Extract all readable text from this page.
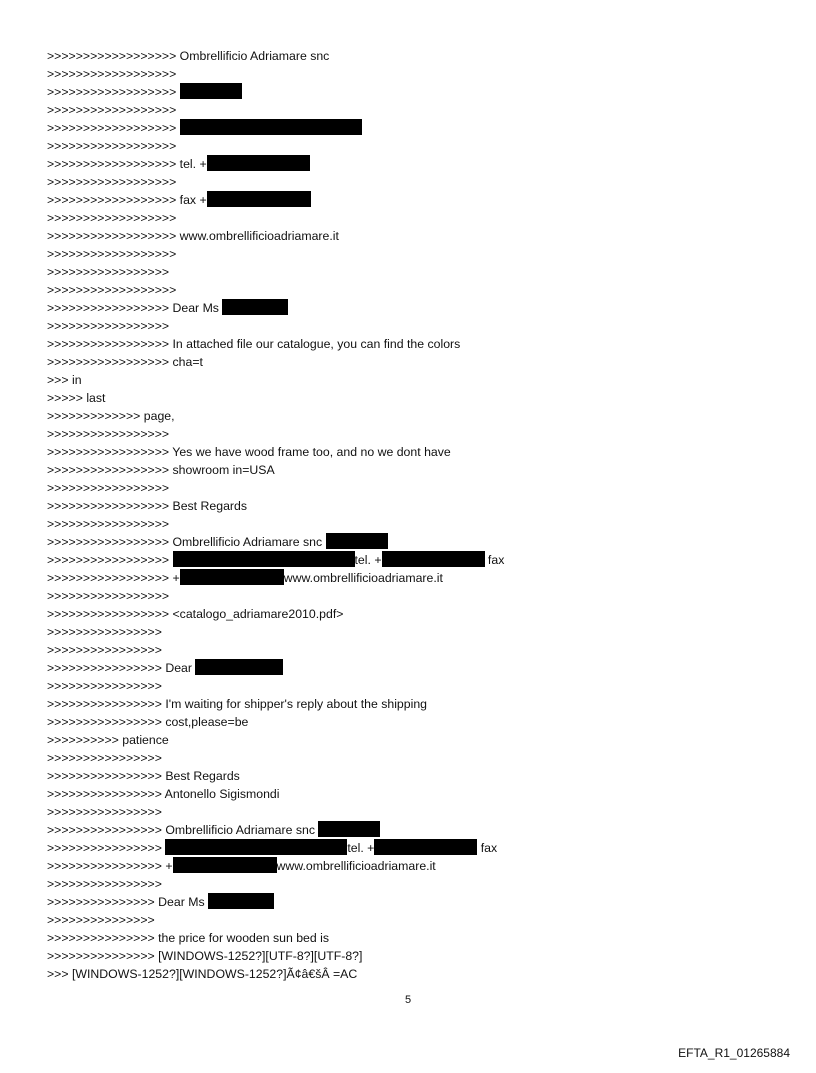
>>>>>>>>>>>>>>>>>> Ombrellificio Adriamare snc
>>>>>>>>>>>>>>>>>>
>>>>>>>>>>>>>>>>>>
>>>>>>>>>>>>>>>>>>
>>>>>>>>>>>>>>>>>>
>>>>>>>>>>>>>>>>>>
>>>>>>>>>>>>>>>>>> tel. +
>>>>>>>>>>>>>>>>>>
>>>>>>>>>>>>>>>>>> fax +
>>>>>>>>>>>>>>>>>>
>>>>>>>>>>>>>>>>>> www.ombrellificioadriamare.it
>>>>>>>>>>>>>>>>>>
>>>>>>>>>>>>>>>>>
>>>>>>>>>>>>>>>>>>
>>>>>>>>>>>>>>>>> Dear Ms
>>>>>>>>>>>>>>>>>
>>>>>>>>>>>>>>>>> In attached file our catalogue, you can find the colors
>>>>>>>>>>>>>>>>> cha=t
>>> in
>>>>> last
>>>>>>>>>>>>> page,
>>>>>>>>>>>>>>>>>
>>>>>>>>>>>>>>>>> Yes we have wood frame too, and no we dont have
>>>>>>>>>>>>>>>>> showroom in=USA
>>>>>>>>>>>>>>>>>
>>>>>>>>>>>>>>>>> Best Regards
>>>>>>>>>>>>>>>>>
>>>>>>>>>>>>>>>>> Ombrellificio Adriamare snc
>>>>>>>>>>>>>>>>>	tel. +	fax
>>>>>>>>>>>>>>>>> +	www.ombrellificioadriamare.it
>>>>>>>>>>>>>>>>>
>>>>>>>>>>>>>>>>> <catalogo_adriamare2010.pdf>
>>>>>>>>>>>>>>>>
>>>>>>>>>>>>>>>>
>>>>>>>>>>>>>>>> Dear
>>>>>>>>>>>>>>>>
>>>>>>>>>>>>>>>> I'm waiting for shipper's reply about the shipping
>>>>>>>>>>>>>>>> cost,please=be
>>>>>>>>>> patience
>>>>>>>>>>>>>>>>
>>>>>>>>>>>>>>>> Best Regards
>>>>>>>>>>>>>>>> Antonello Sigismondi
>>>>>>>>>>>>>>>>
>>>>>>>>>>>>>>>> Ombrellificio Adriamare snc
>>>>>>>>>>>>>>>>	tel. +	fax
>>>>>>>>>>>>>>>> +	www.ombrellificioadriamare.it
>>>>>>>>>>>>>>>>
>>>>>>>>>>>>>>> Dear Ms
>>>>>>>>>>>>>>>
>>>>>>>>>>>>>>> the price for wooden sun bed is
>>>>>>>>>>>>>>> [WINDOWS-1252?][UTF-8?][UTF-8?]
>>> [WINDOWS-1252?][WINDOWS-1252?]Ã¢â€šÂ =AC
5
EFTA_R1_01265884
